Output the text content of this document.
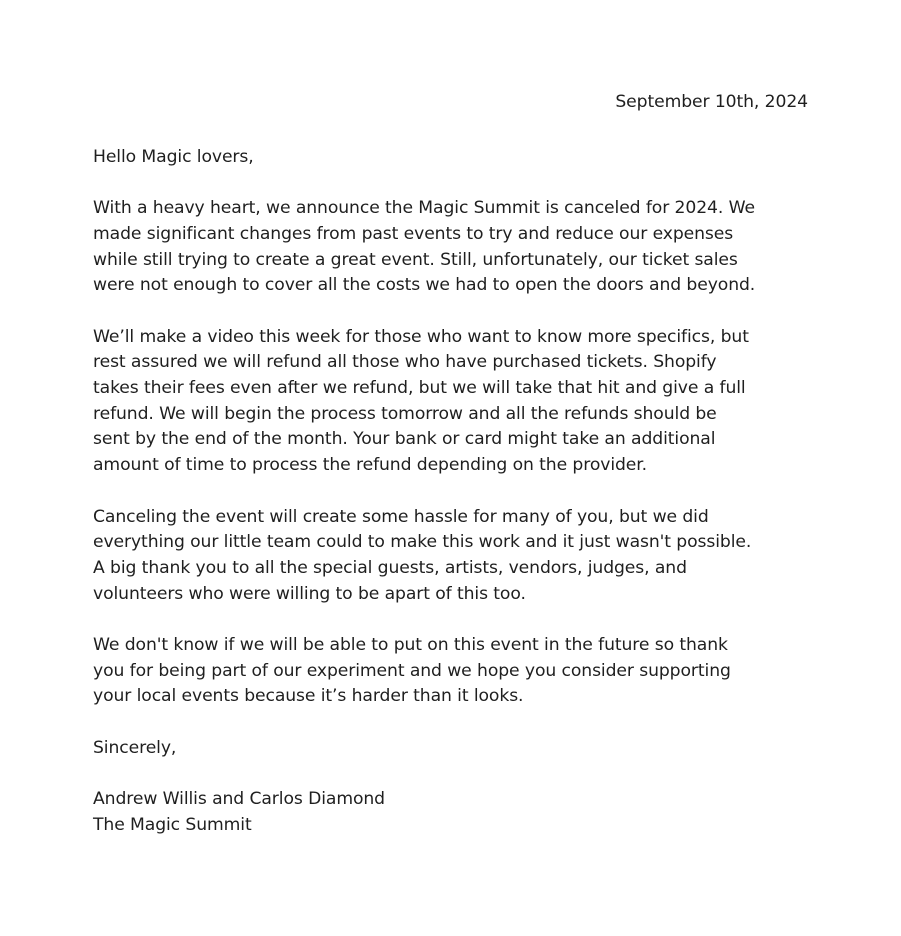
September 10th, 2024
Hello Magic lovers,
With a heavy heart, we announce the Magic Summit is canceled for 2024. We
made significant changes from past events to try and reduce our expenses
while still trying to create a great event. Still, unfortunately, our ticket sales
were not enough to cover all the costs we had to open the doors and beyond.
We’ll make a video this week for those who want to know more specifics, but
rest assured we will refund all those who have purchased tickets. Shopify
takes their fees even after we refund, but we will take that hit and give a full
refund. We will begin the process tomorrow and all the refunds should be
sent by the end of the month. Your bank or card might take an additional
amount of time to process the refund depending on the provider.
Canceling the event will create some hassle for many of you, but we did
everything our little team could to make this work and it just wasn't possible.
A big thank you to all the special guests, artists, vendors, judges, and
volunteers who were willing to be apart of this too.
We don't know if we will be able to put on this event in the future so thank
you for being part of our experiment and we hope you consider supporting
your local events because it’s harder than it looks.
Sincerely,
Andrew Willis and Carlos Diamond
The Magic Summit
